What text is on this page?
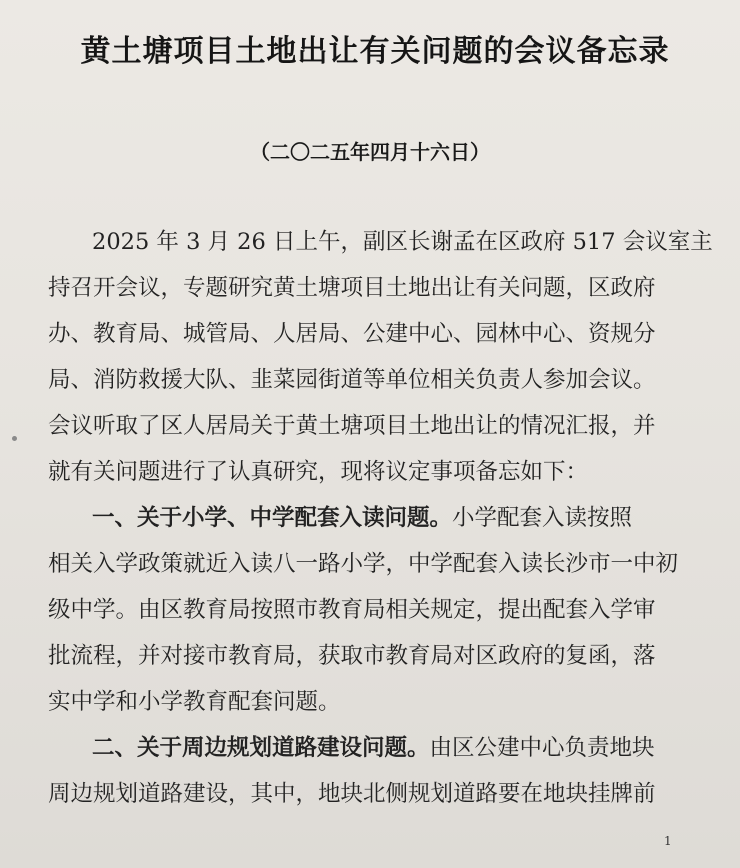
黄土塘项目土地出让有关问题的会议备忘录
（二〇二五年四月十六日）
2025 年 3 月 26 日上午，副区长谢孟在区政府 517 会议室主
持召开会议，专题研究黄土塘项目土地出让有关问题，区政府
办、教育局、城管局、人居局、公建中心、园林中心、资规分
局、消防救援大队、韭菜园街道等单位相关负责人参加会议。
会议听取了区人居局关于黄土塘项目土地出让的情况汇报，并
就有关问题进行了认真研究，现将议定事项备忘如下：
一、关于小学、中学配套入读问题。小学配套入读按照
相关入学政策就近入读八一路小学，中学配套入读长沙市一中初
级中学。由区教育局按照市教育局相关规定，提出配套入学审
批流程，并对接市教育局，获取市教育局对区政府的复函，落
实中学和小学教育配套问题。
二、关于周边规划道路建设问题。由区公建中心负责地块
周边规划道路建设，其中，地块北侧规划道路要在地块挂牌前
1
